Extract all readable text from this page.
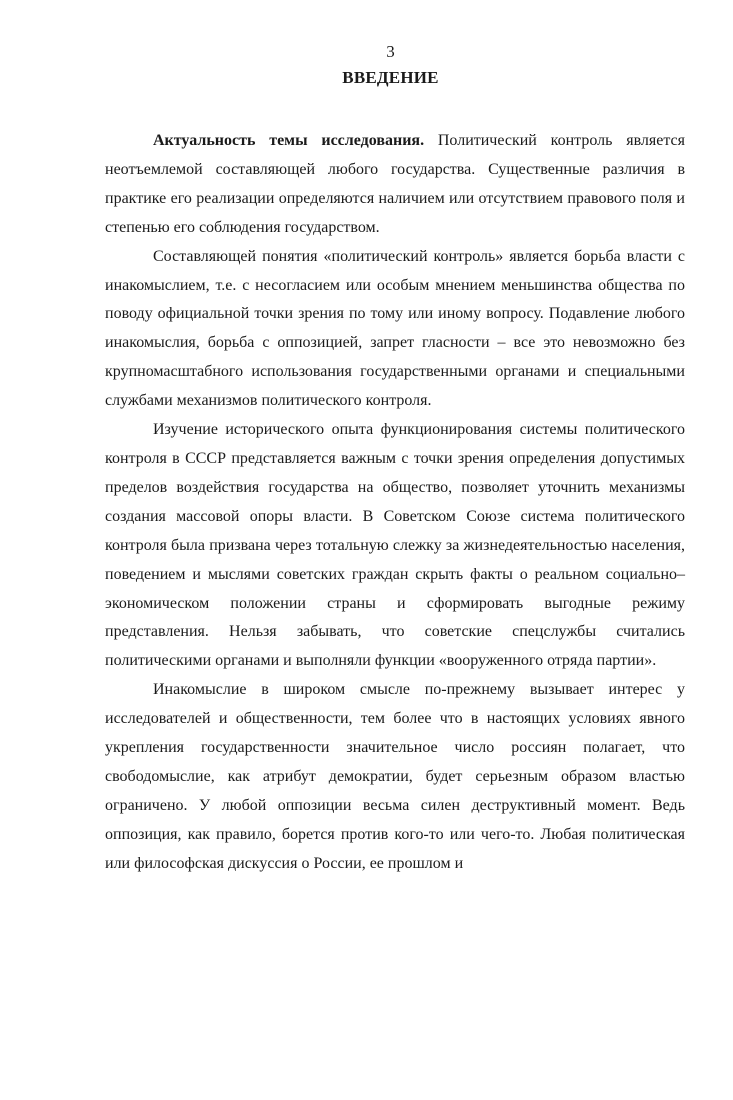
3
ВВЕДЕНИЕ

Актуальность темы исследования. Политический контроль является неотъемлемой составляющей любого государства. Существенные различия в практике его реализации определяются наличием или отсутствием правового поля и степенью его соблюдения государством.

Составляющей понятия «политический контроль» является борьба власти с инакомыслием, т.е. с несогласием или особым мнением меньшинства общества по поводу официальной точки зрения по тому или иному вопросу. Подавление любого инакомыслия, борьба с оппозицией, запрет гласности – все это невозможно без крупномасштабного использования государственными органами и специальными службами механизмов политического контроля.

Изучение исторического опыта функционирования системы политического контроля в СССР представляется важным с точки зрения определения допустимых пределов воздействия государства на общество, позволяет уточнить механизмы создания массовой опоры власти. В Советском Союзе система политического контроля была призвана через тотальную слежку за жизнедеятельностью населения, поведением и мыслями советских граждан скрыть факты о реальном социально–экономическом положении страны и сформировать выгодные режиму представления. Нельзя забывать, что советские спецслужбы считались политическими органами и выполняли функции «вооруженного отряда партии».

Инакомыслие в широком смысле по-прежнему вызывает интерес у исследователей и общественности, тем более что в настоящих условиях явного укрепления государственности значительное число россиян полагает, что свободомыслие, как атрибут демократии, будет серьезным образом властью ограничено. У любой оппозиции весьма силен деструктивный момент. Ведь оппозиция, как правило, борется против кого-то или чего-то. Любая политическая или философская дискуссия о России, ее прошлом и
